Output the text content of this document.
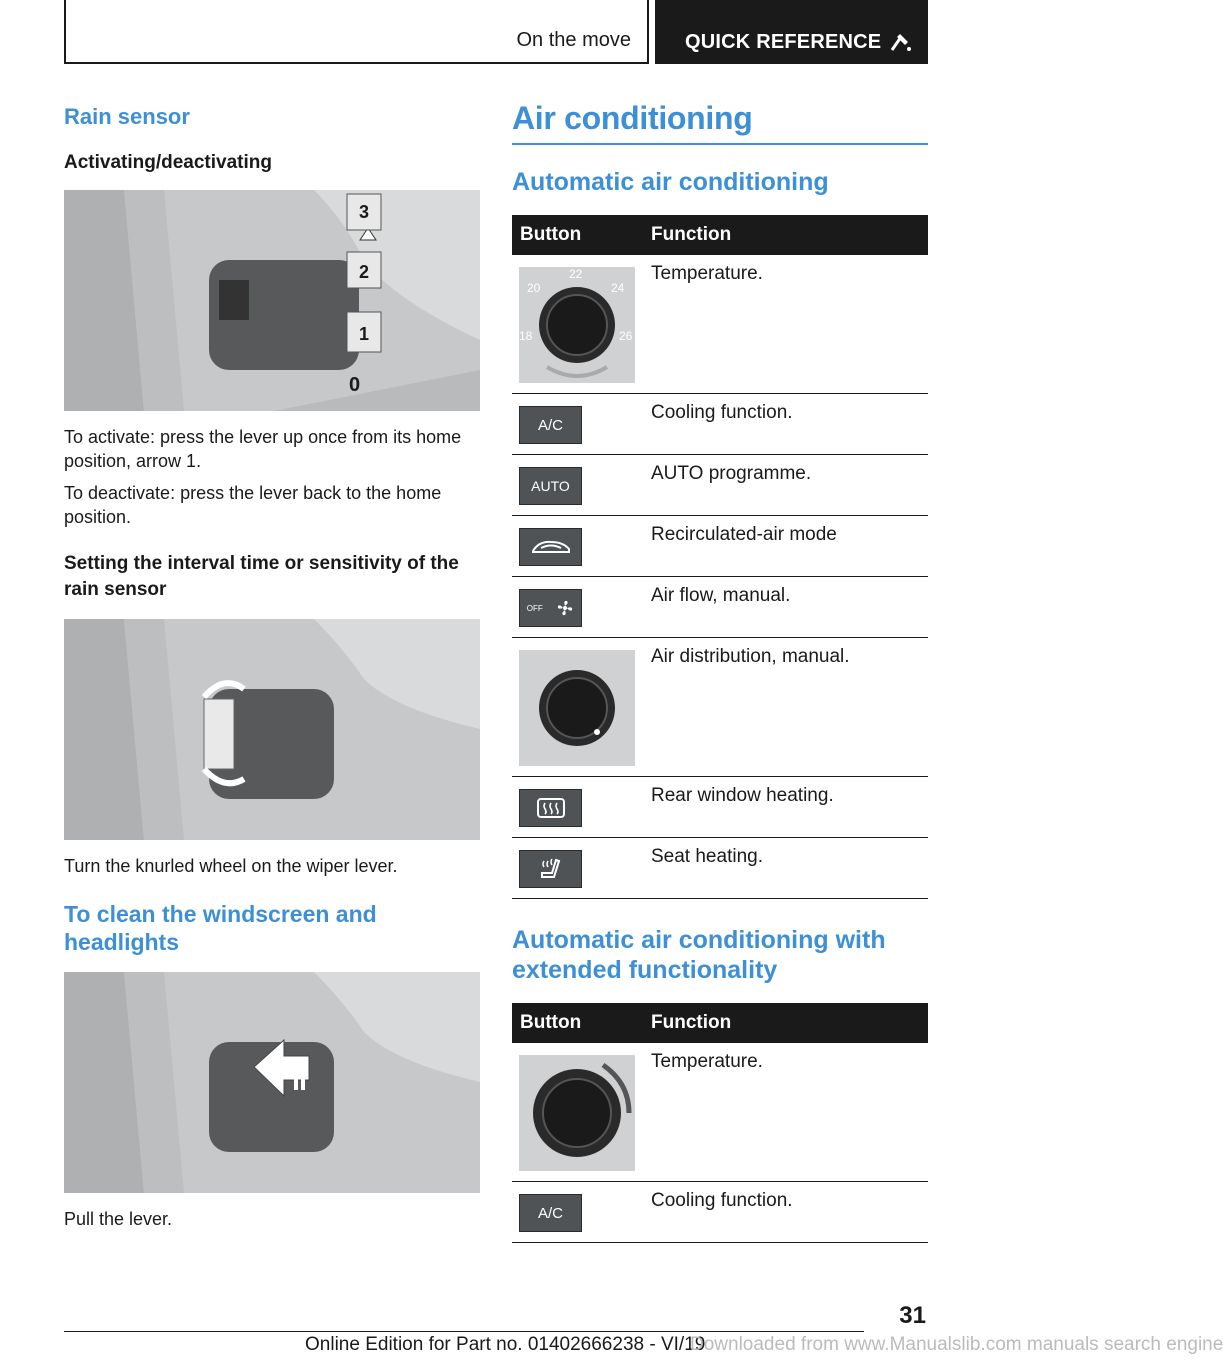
On the move	QUICK REFERENCE
Rain sensor

Activating/deactivating

3
2
1
0

To activate: press the lever up once from its home position, arrow 1.

To deactivate: press the lever back to the home position.

Setting the interval time or sensitivity of the rain sensor

Turn the knurled wheel on the wiper lever.

To clean the windscreen and headlights

Pull the lever.

Air conditioning
Automatic air conditioning
Button	Function

20
22
24
18 26	Temperature.

A/C	Cooling function.

AUTO	AUTO programme.

	Recirculated-air mode

OFF	Air flow, manual.

	Air distribution, manual.

	Rear window heating.

	Seat heating.
Automatic air conditioning with extended functionality
Button	Function

	Temperature.

A/C	Cooling function.
31
Online Edition for Part no. 01402666238 - VI/19
Downloaded from www.Manualslib.com manuals search engine
